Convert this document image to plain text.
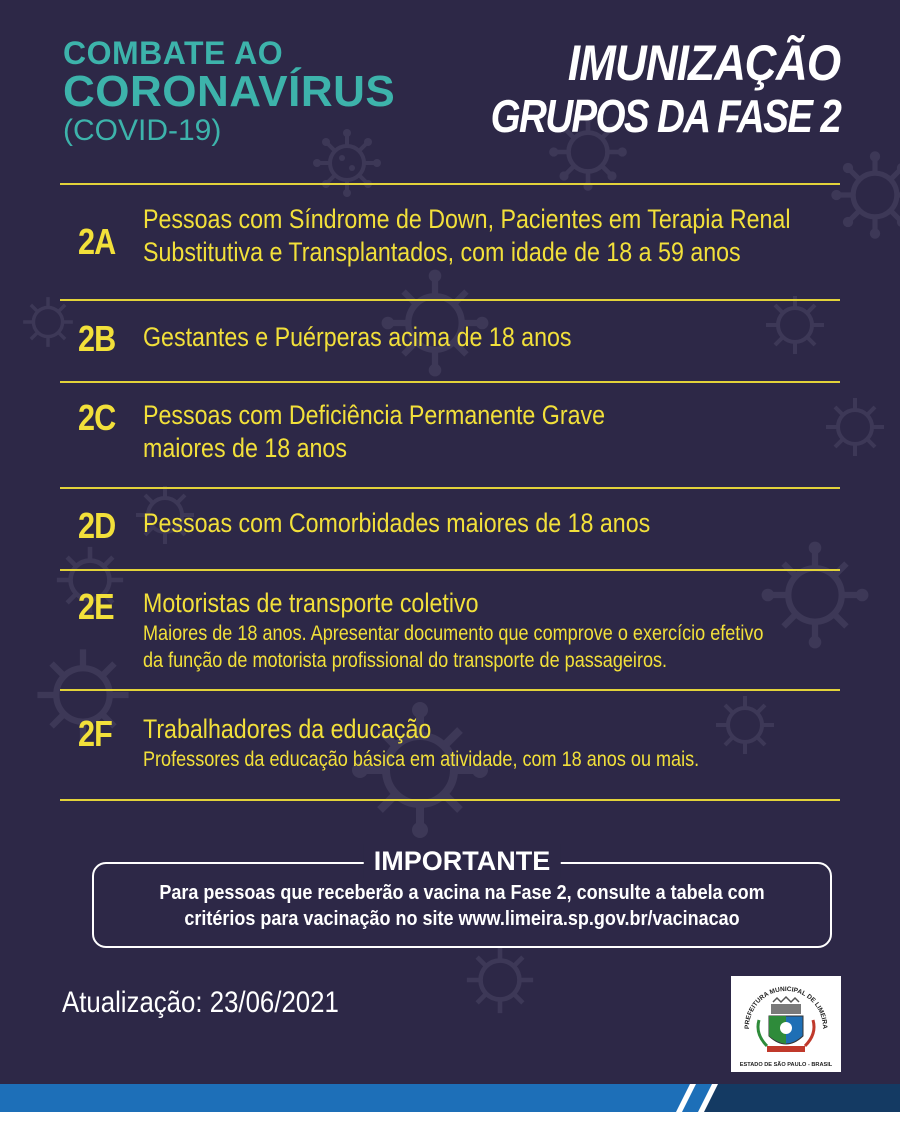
COMBATE AO
CORONAVÍRUS
(COVID-19)
IMUNIZAÇÃO
GRUPOS DA FASE 2
2A
Pessoas com Síndrome de Down, Pacientes em Terapia Renal
Substitutiva e Transplantados, com idade de 18 a 59 anos
2B Gestantes e Puérperas acima de 18 anos
2C Pessoas com Deficiência Permanente Grave
maiores de 18 anos
2D Pessoas com Comorbidades maiores de 18 anos
2E Motoristas de transporte coletivo
Maiores de 18 anos. Apresentar documento que comprove o exercício efetivo
da função de motorista profissional do transporte de passageiros.
2F Trabalhadores da educação
Professores da educação básica em atividade, com 18 anos ou mais.
IMPORTANTE
Para pessoas que receberão a vacina na Fase 2, consulte a tabela com
critérios para vacinação no site www.limeira.sp.gov.br/vacinacao
Atualização: 23/06/2021
PREFEITURA MUNICIPAL DE LIMEIRA
ESTADO DE SÃO PAULO - BRASIL
